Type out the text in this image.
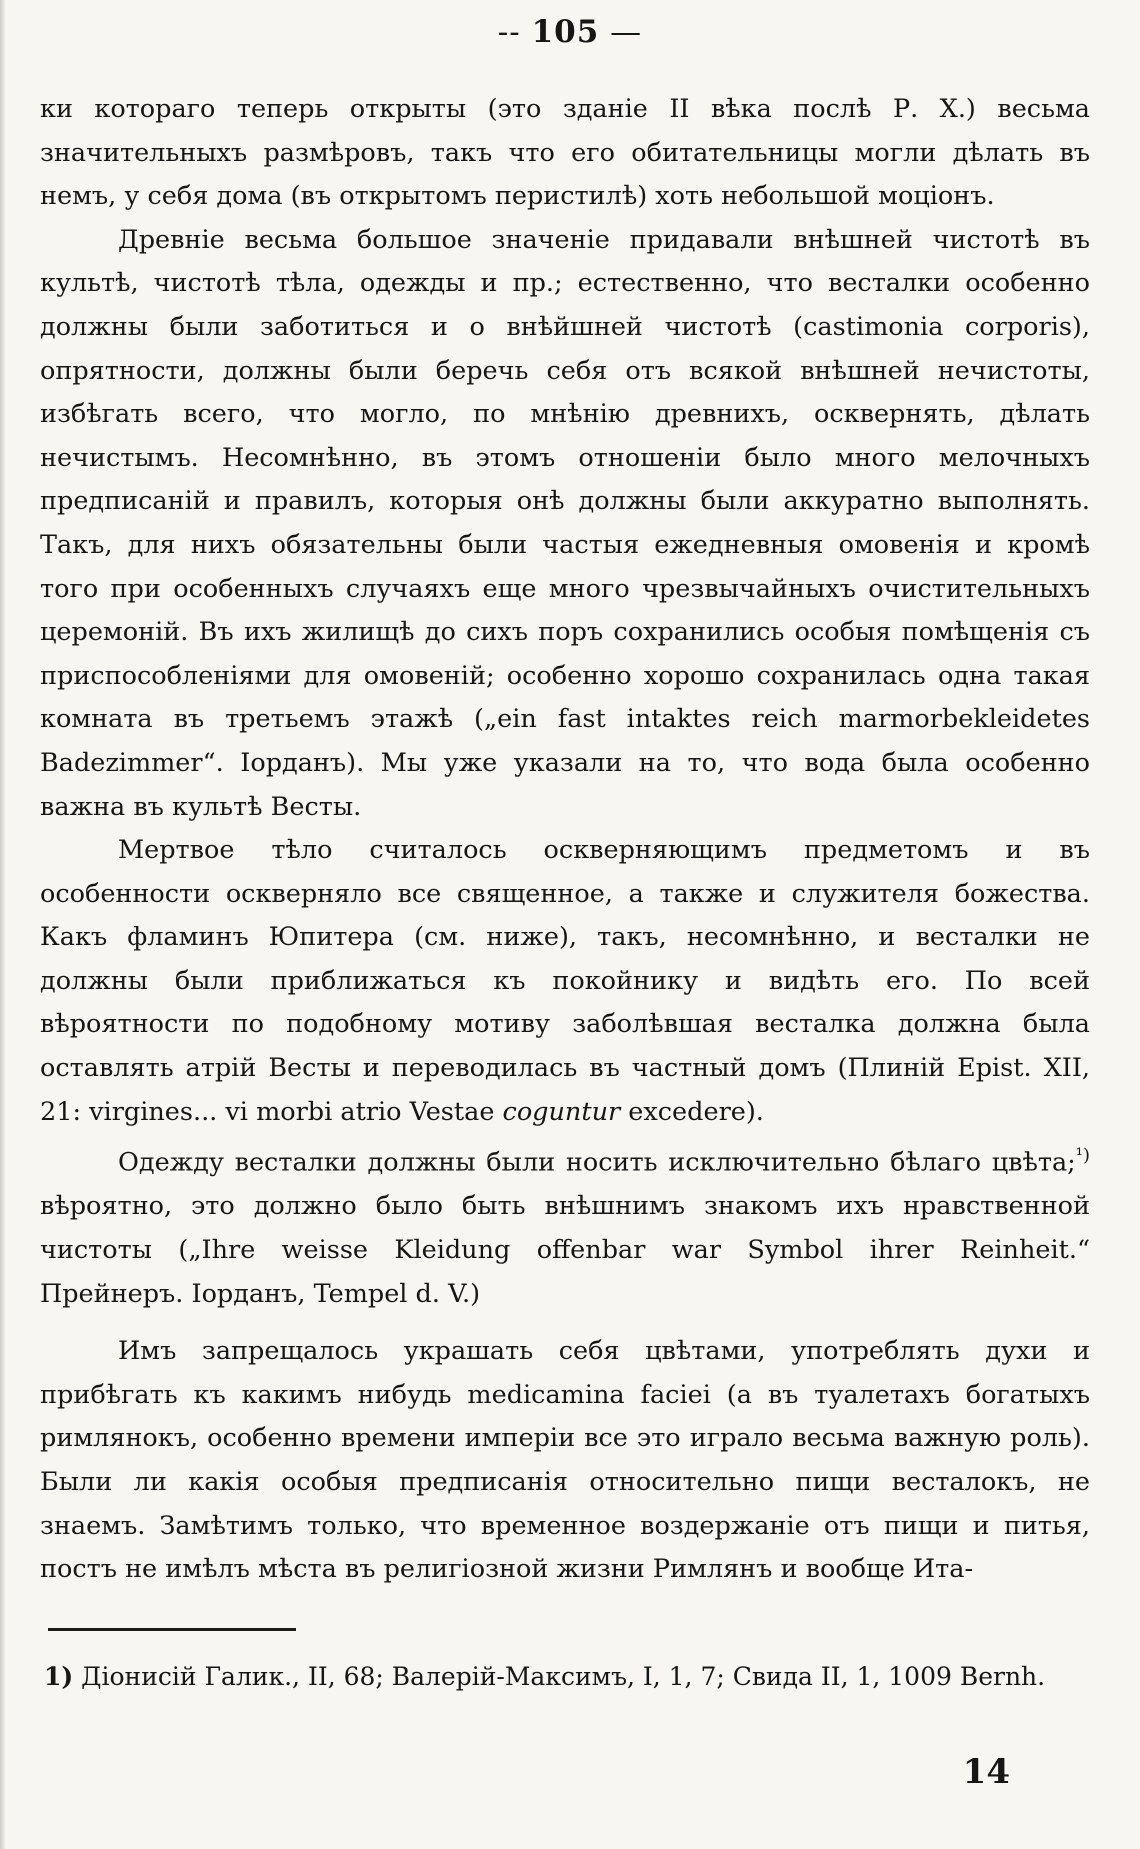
-- 105 —

ки котораго теперь открыты (это зданіе II вѣка послѣ Р. Х.) весьма значительныхъ размѣровъ, такъ что его обитательницы могли дѣлать въ немъ, у себя дома (въ открытомъ перистилѣ) хоть небольшой моціонъ.

Древніе весьма большое значеніе придавали внѣшней чистотѣ въ культѣ, чистотѣ тѣла, одежды и пр.; естественно, что весталки особенно должны были заботиться и о внѣйшней чистотѣ (castimonia corporis), опрятности, должны были беречь себя отъ всякой внѣшней нечистоты, избѣгать всего, что могло, по мнѣнію древнихъ, осквернять, дѣлать нечистымъ. Несомнѣнно, въ этомъ отношеніи было много мелочныхъ предписаній и правилъ, которыя онѣ должны были аккуратно выполнять. Такъ, для нихъ обязательны были частыя ежедневныя омовенія и кромѣ того при особенныхъ случаяхъ еще много чрезвычайныхъ очистительныхъ церемоній. Въ ихъ жилищѣ до сихъ поръ сохранились особыя помѣщенія съ приспособленіями для омовеній; особенно хорошо сохранилась одна такая комната въ третьемъ этажѣ („ein fast intaktes reich marmorbekleidetes Badezimmer“. Іорданъ). Мы уже указали на то, что вода была особенно важна въ культѣ Весты.

Мертвое тѣло считалось оскверняющимъ предметомъ и въ особенности оскверняло все священное, а также и служителя божества. Какъ фламинъ Юпитера (см. ниже), такъ, несомнѣнно, и весталки не должны были приближаться къ покойнику и видѣть его. По всей вѣроятности по подобному мотиву заболѣвшая весталка должна была оставлять атрій Весты и переводилась въ частный домъ (Плиній Epist. XII, 21: virgines... vi morbi atrio Vestae coguntur excedere).

Одежду весталки должны были носить исключительно бѣлаго цвѣта;$^{^1)}$ вѣроятно, это должно было быть внѣшнимъ знакомъ ихъ нравственной чистоты („Ihre weisse Kleidung offenbar war Symbol ihrer Reinheit.“ Прейнеръ. Іорданъ, Tempel d. V.)

Имъ запрещалось украшать себя цвѣтами, употреблять духи и прибѣгать къ какимъ нибудь medicamina faciei (а въ туалетахъ богатыхъ римлянокъ, особенно времени имперіи все это играло весьма важную роль). Были ли какія особыя предписанія относительно пищи весталокъ, не знаемъ. Замѣтимъ только, что временное воздержаніе отъ пищи и питья, постъ не имѣлъ мѣста въ религіозной жизни Римлянъ и вообще Ита-

1) Діонисій Галик., II, 68; Валерій-Максимъ, I, 1, 7; Свида II, 1, 1009 Bernh.
14
